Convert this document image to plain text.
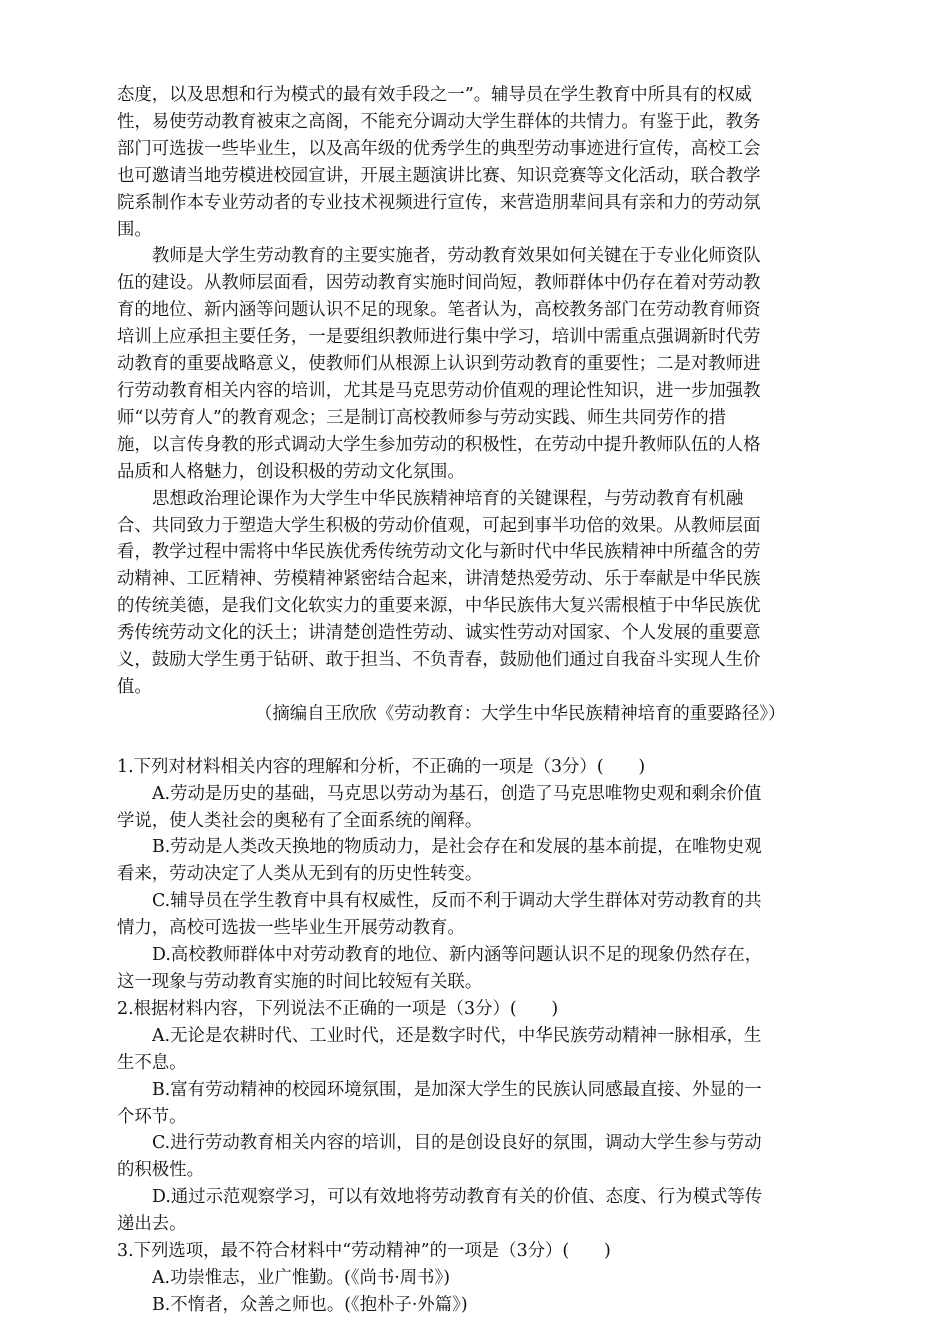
态度，以及思想和行为模式的最有效手段之一”。辅导员在学生教育中所具有的权威
性，易使劳动教育被束之高阁，不能充分调动大学生群体的共情力。有鉴于此，教务
部门可选拔一些毕业生，以及高年级的优秀学生的典型劳动事迹进行宣传，高校工会
也可邀请当地劳模进校园宣讲，开展主题演讲比赛、知识竞赛等文化活动，联合教学
院系制作本专业劳动者的专业技术视频进行宣传，来营造朋辈间具有亲和力的劳动氛
围。
教师是大学生劳动教育的主要实施者，劳动教育效果如何关键在于专业化师资队
伍的建设。从教师层面看，因劳动教育实施时间尚短，教师群体中仍存在着对劳动教
育的地位、新内涵等问题认识不足的现象。笔者认为，高校教务部门在劳动教育师资
培训上应承担主要任务，一是要组织教师进行集中学习，培训中需重点强调新时代劳
动教育的重要战略意义，使教师们从根源上认识到劳动教育的重要性；二是对教师进
行劳动教育相关内容的培训，尤其是马克思劳动价值观的理论性知识，进一步加强教
师“以劳育人”的教育观念；三是制订高校教师参与劳动实践、师生共同劳作的措
施，以言传身教的形式调动大学生参加劳动的积极性，在劳动中提升教师队伍的人格
品质和人格魅力，创设积极的劳动文化氛围。
思想政治理论课作为大学生中华民族精神培育的关键课程，与劳动教育有机融
合、共同致力于塑造大学生积极的劳动价值观，可起到事半功倍的效果。从教师层面
看，教学过程中需将中华民族优秀传统劳动文化与新时代中华民族精神中所蕴含的劳
动精神、工匠精神、劳模精神紧密结合起来，讲清楚热爱劳动、乐于奉献是中华民族
的传统美德，是我们文化软实力的重要来源，中华民族伟大复兴需根植于中华民族优
秀传统劳动文化的沃土；讲清楚创造性劳动、诚实性劳动对国家、个人发展的重要意
义，鼓励大学生勇于钻研、敢于担当、不负青春，鼓励他们通过自我奋斗实现人生价
值。
（摘编自王欣欣《劳动教育：大学生中华民族精神培育的重要路径》）
1.下列对材料相关内容的理解和分析，不正确的一项是（3分）(　　)
A.劳动是历史的基础，马克思以劳动为基石，创造了马克思唯物史观和剩余价值
学说，使人类社会的奥秘有了全面系统的阐释。
B.劳动是人类改天换地的物质动力，是社会存在和发展的基本前提，在唯物史观
看来，劳动决定了人类从无到有的历史性转变。
C.辅导员在学生教育中具有权威性，反而不利于调动大学生群体对劳动教育的共
情力，高校可选拔一些毕业生开展劳动教育。
D.高校教师群体中对劳动教育的地位、新内涵等问题认识不足的现象仍然存在，
这一现象与劳动教育实施的时间比较短有关联。
2.根据材料内容，下列说法不正确的一项是（3分）(　　)
A.无论是农耕时代、工业时代，还是数字时代，中华民族劳动精神一脉相承，生
生不息。
B.富有劳动精神的校园环境氛围，是加深大学生的民族认同感最直接、外显的一
个环节。
C.进行劳动教育相关内容的培训，目的是创设良好的氛围，调动大学生参与劳动
的积极性。
D.通过示范观察学习，可以有效地将劳动教育有关的价值、态度、行为模式等传
递出去。
3.下列选项，最不符合材料中“劳动精神”的一项是（3分）(　　)
A.功崇惟志，业广惟勤。(《尚书·周书》)
B.不惰者，众善之师也。(《抱朴子·外篇》)
